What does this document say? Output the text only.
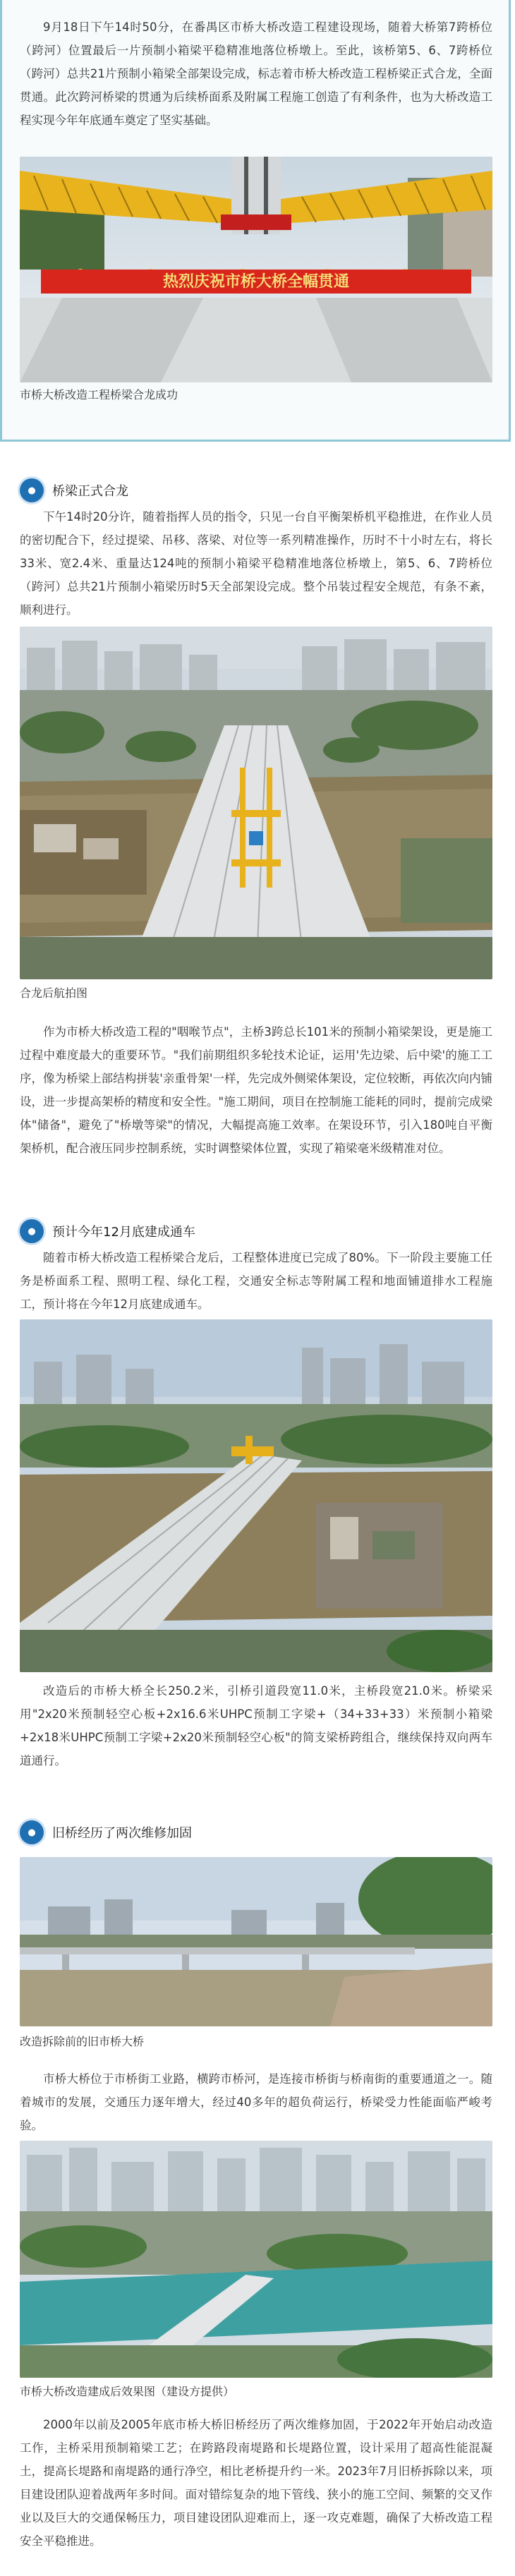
9月18日下午14时50分，在番禺区市桥大桥改造工程建设现场，随着大桥第7跨桥位（跨河）位置最后一片预制小箱梁平稳精准地落位桥墩上。至此，该桥第5、6、7跨桥位（跨河）总共21片预制小箱梁全部架设完成，标志着市桥大桥改造工程桥梁正式合龙，全面贯通。此次跨河桥梁的贯通为后续桥面系及附属工程施工创造了有利条件，也为大桥改造工程实现今年年底通车奠定了坚实基础。

热烈庆祝市桥大桥全幅贯通
市桥大桥改造工程桥梁合龙成功
●	桥梁正式合龙

下午14时20分许，随着指挥人员的指令，只见一台自平衡架桥机平稳推进，在作业人员的密切配合下，经过提梁、吊移、落梁、对位等一系列精准操作，历时不十小时左右，将长33米、宽2.4米、重量达124吨的预制小箱梁平稳精准地落位桥墩上，第5、6、7跨桥位（跨河）总共21片预制小箱梁历时5天全部架设完成。整个吊装过程安全规范，有条不紊，顺利进行。

合龙后航拍图

作为市桥大桥改造工程的"咽喉节点"，主桥3跨总长101米的预制小箱梁架设，更是施工过程中难度最大的重要环节。"我们前期组织多轮技术论证，运用'先边梁、后中梁'的施工工序，像为桥梁上部结构拼装'亲重骨架'一样，先完成外侧梁体架设，定位较断，再依次向内铺设，进一步提高架桥的精度和安全性。"施工期间，项目在控制施工能耗的同时，提前完成梁体"储备"，避免了"桥墩等梁"的情况，大幅提高施工效率。在架设环节，引入180吨自平衡架桥机，配合液压同步控制系统，实时调整梁体位置，实现了箱梁毫米级精准对位。

●	预计今年12月底建成通车

随着市桥大桥改造工程桥梁合龙后，工程整体进度已完成了80%。下一阶段主要施工任务是桥面系工程、照明工程、绿化工程，交通安全标志等附属工程和地面铺道排水工程施工，预计将在今年12月底建成通车。

改造后的市桥大桥全长250.2米，引桥引道段宽11.0米，主桥段宽21.0米。桥梁采用"2x20米预制轻空心板+2x16.6米UHPC预制工字梁+（34+33+33）米预制小箱梁+2x18米UHPC预制工字梁+2x20米预制轻空心板"的简支梁桥跨组合，继续保持双向两车道通行。

●	旧桥经历了两次维修加固
改造拆除前的旧市桥大桥

市桥大桥位于市桥街工业路，横跨市桥河，是连接市桥街与桥南街的重要通道之一。随着城市的发展，交通压力逐年增大，经过40多年的超负荷运行，桥梁受力性能面临严峻考验。

市桥大桥改造建成后效果图（建设方提供）

2000年以前及2005年底市桥大桥旧桥经历了两次维修加固，于2022年开始启动改造工作，主桥采用预制箱梁工艺；在跨路段南堤路和长堤路位置，设计采用了超高性能混凝土，提高长堤路和南堤路的通行净空，相比老桥提升约一米。2023年7月旧桥拆除以来，项目建设团队迎着战两年多时间。面对错综复杂的地下管线、狭小的施工空间、频繁的交叉作业以及巨大的交通保畅压力，项目建设团队迎难而上，逐一攻克难题，确保了大桥改造工程安全平稳推进。
